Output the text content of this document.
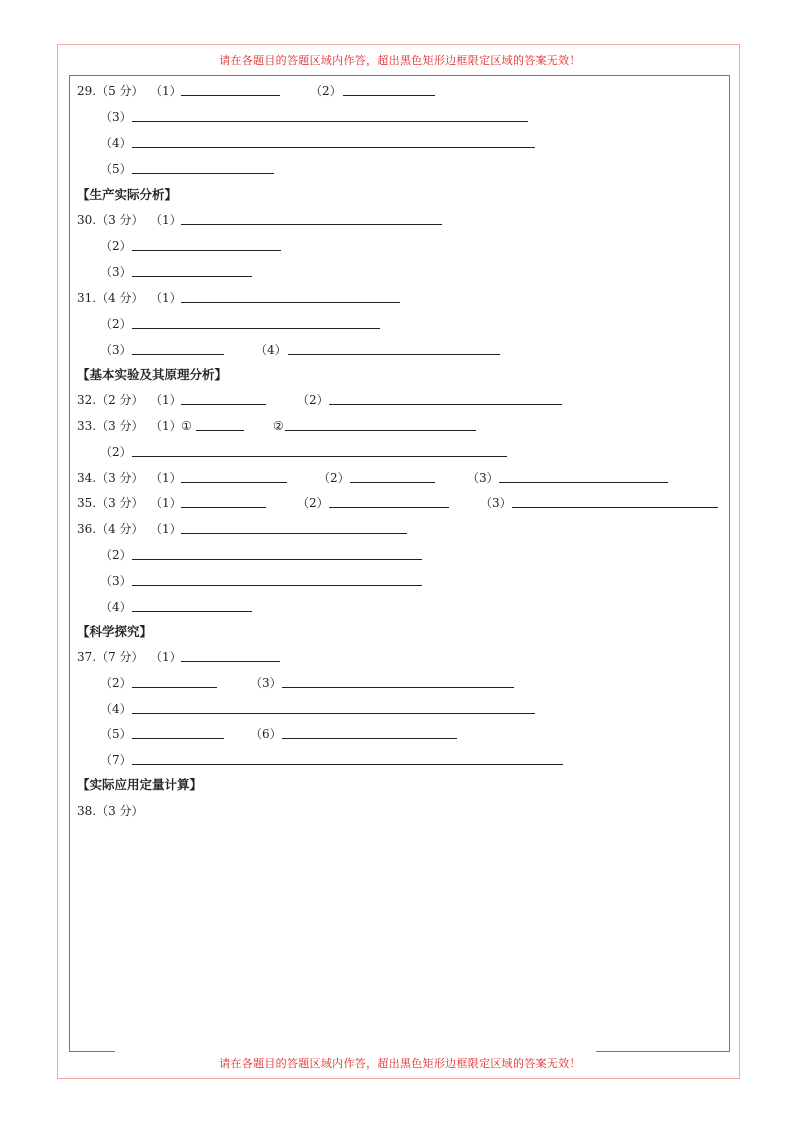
请在各题目的答题区域内作答，超出黑色矩形边框限定区域的答案无效！
请在各题目的答题区域内作答，超出黑色矩形边框限定区域的答案无效！
29.（5 分） （1）	（2）
（3）
（4）
（5）
【生产实际分析】
30.（3 分） （1）
（2）
（3）
31.（4 分） （1）
（2）
（3）	（4）
【基本实验及其原理分析】
32.（2 分） （1）	（2）
33.（3 分） （1） ①	②
（2）
34.（3 分） （1）	（2）	（3）
35.（3 分） （1）	（2）	（3）
36.（4 分） （1）
（2）
（3）
（4）
【科学探究】
37.（7 分） （1）
（2）	（3）
（4）
（5）	（6）
（7）
【实际应用定量计算】
38.（3 分）
